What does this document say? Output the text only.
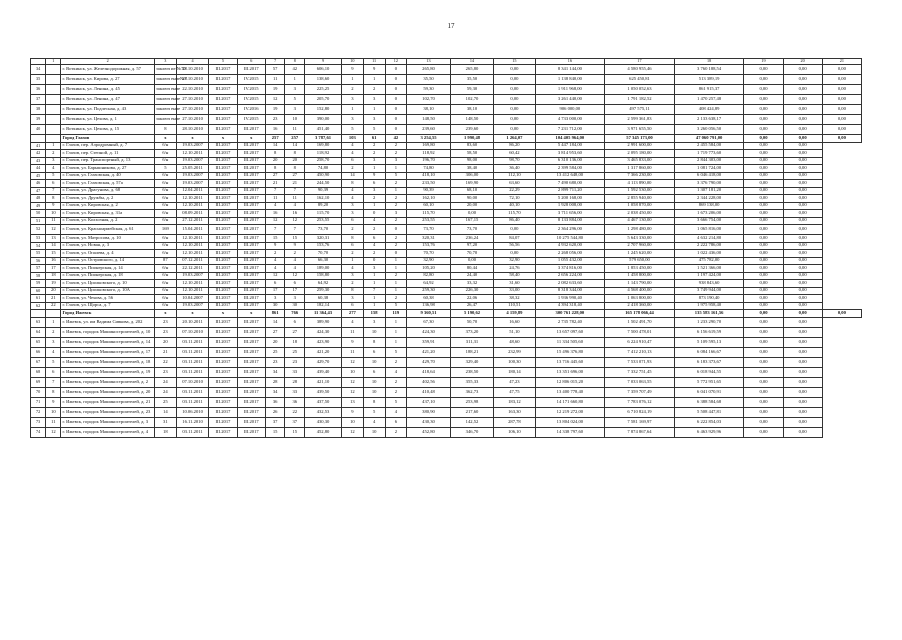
17
	1	2	3	4	5	6	7	8	9	10	11	12	13	14	15	16	17	18	19	20	21
34		г. Воткинск, ул. Железнодорожная, д. 57	заключ ие №70	28.10.2010	III.2017	III.2017	57	42	606,10	9	9	0	265,80	265,80	0,00	8 341 144,00	4 580 955,46	3 760 188,54	0,00	0,00	0,00
35		г. Воткинск, ул. Кирова, д. 27	заключ ение№8	27.10.2010	III.2017	IV.2015	11	1	138,60	1	1	0	35,50	35,50	0,00	1 138 840,00	625 450,81	513 389,19	0,00	0,00	0,00
36		г. Воткинск, ул. Ленина, д. 45	заключ ение	22.10.2010	III.2017	IV.2015	19	3	225,25	2	2	0	59,30	59,30	0,00	1 911 968,00	1 050 052,63	861 915,37	0,00	0,00	0,00
37		г. Воткинск, ул. Ленина, д. 47	заключ ение	27.10.2010	III.2017	IV.2015	12	5	205,70	3	3	0	102,70	102,70	0,00	3 261 440,00	1 791 182,52	1 470 257,48	0,00	0,00	0,00
38		г. Воткинск, ул. Подлесная, д. 43	заключ ение	27.10.2010	III.2017	IV.2016	19	3	152,80	1	1	0	38,10	38,10	0,00	906 000,00	497 575,11	408 424,89	0,00	0,00	0,00
39		г. Воткинск, ул. Цехова, д. 1	заключ ение	27.10.2010	III.2017	IV.2015	23	10	390,00	3	3	0	148,50	148,50	0,00	4 733 000,00	2 599 361,83	2 133 638,17	0,00	0,00	0,00
40		г. Воткинск, ул. Цехова, д. 15	8	28.10.2010	III.2017	III.2017	16	11	451,40	5	5	0	239,60	239,60	0,00	7 231 712,00	3 971 655,50	3 260 056,50	0,00	0,00	0,00
		Город Глазов	x	x	x	x	257	257	3 787,61	103	61	42	3 254,55	1 990,48	1 264,07	104 405 964,00	57 345 173,00	47 060 791,00	0,00	0,00	0,00
41	1	г. Глазов, пер. Аэродромный, д. 7	б/н	19.03.2007	III.2017	III.2017	14	14	169,80	4	2	2	169,80	83,60	86,20	5 447 184,00	2 991 600,00	2 455 584,00	0,00	0,00	
42	2	г. Глазов, пер. Степной, д. 11	б/н	12.10.2011	III.2017	III.2017	8	8	118,92	4	2	2	118,92	58,50	60,42	3 814 953,60	2 095 180,00	1 719 773,60	0,00	0,00	
43	3	г. Глазов, пер. Транспортный, д. 13	б/н	19.03.2007	III.2017	III.2017	20	20	258,70	6	3	3	196,70	98,00	98,70	6 310 136,00	3 465 833,00	2 844 303,00	0,00	0,00	
44	4	г. Глазов, ул. Барышникова, д. 27	5	25.05.2011	III.2017	III.2017	8	8	74,80	2	1	1	74,80	38,40	36,40	2 399 584,00	1 317 860,00	1 081 724,00	0,00	0,00	
45	5	г. Глазов, ул. Глазовская, д. 40	б/н	19.03.2007	III.2017	III.2017	27	27	450,90	14	9	5	418,10	306,00	112,10	13 412 648,00	7 366 230,00	6 046 418,00	0,00	0,00	
46	6	г. Глазов, ул. Глазовская, д. 57а	б/н	19.03.2007	III.2017	III.2017	21	21	244,50	8	6	2	233,50	169,90	63,60	7 490 680,00	4 113 890,00	3 376 790,00	0,00	0,00	
47	7	г. Глазов, ул. Драгунова, д. 68	б/н	12.04.2011	III.2017	III.2017	7	7	90,39	4	3	1	90,39	68,10	22,29	2 899 711,20	1 592 530,00	1 307 181,20	0,00	0,00	
48	8	г. Глазов, ул. Дружбы, д. 2	б/н	12.10.2011	III.2017	III.2017	11	11	162,10	4	2	2	162,10	90,00	72,10	5 200 168,00	2 855 940,00	2 344 228,00	0,00	0,00	
49	9	г. Глазов, ул. Кировская, д. 2	б/н	12.10.2011	III.2017	III.2017	4	4	89,20	3	1	2	60,10	20,00	40,10	1 928 008,00	1 058 870,00	869 138,00	0,00	0,00	
50	10	г. Глазов, ул. Кировская, д. 31а	б/н	08.09.2011	III.2017	III.2017	16	16	115,70	3	0	3	115,70	0,00	115,70	3 711 656,00	2 038 450,00	1 673 206,00	0,00	0,00	
51	11	г. Глазов, ул. Колхозная, д. 2	б/н	27.12.2011	III.2017	III.2017	12	12	253,55	6	4	2	253,55	167,15	86,40	8 133 884,00	4 467 130,00	3 666 754,00	0,00	0,00	
52	12	г. Глазов, ул. Красноармейская, д. 61	169	15.04.2011	III.2017	III.2017	7	7	73,70	2	2	0	73,70	73,70	0,00	2 364 296,00	1 298 480,00	1 065 816,00	0,00	0,00	
53	13	г. Глазов, ул. Матросова, д. 10	б/н	12.10.2011	III.2017	III.2017	15	15	320,31	8	6	2	320,31	236,24	84,07	10 275 544,80	5 643 330,00	4 632 214,80	0,00	0,00	
54	14	г. Глазов, ул. Новая, д. 3	б/н	12.10.2011	III.2017	III.2017	9	9	153,76	6	4	2	153,76	97,20	56,56	4 932 620,00	2 707 960,00	2 222 786,00	0,00	0,00	
55	15	г. Глазов, ул. Опалева, д. 4	б/н	12.10.2011	III.2017	III.2017	2	2	70,70	2	2	0	70,70	70,70	0,00	2 268 056,00	1 245 620,00	1 022 436,00	0,00	0,00	
56	16	г. Глазов, ул. Островского, д. 14	87	07.12.2011	III.2017	III.2017	4	4	66,30	1	0	1	32,90	0,00	32,90	1 055 432,00	579 650,00	475 782,00	0,00	0,00	
57	17	г. Глазов, ул. Пионерская, д. 14	б/н	22.12.2011	III.2017	III.2017	4	4	189,00	4	3	1	105,20	80,44	24,76	3 374 816,00	1 853 450,00	1 521 366,00	0,00	0,00	
58	18	г. Глазов, ул. Пионерская, д. 18	б/н	19.03.2007	III.2017	III.2017	12	12	158,80	3	1	2	82,80	24,40	58,40	2 656 224,00	1 458 800,00	1 197 424,00	0,00	0,00	
59	19	г. Глазов, ул. Циолковского, д. 10	б/н	12.10.2011	III.2017	III.2017	6	6	64,92	2	1	1	64,92	33,32	31,60	2 082 633,60	1 143 790,00	938 843,60	0,00	0,00	
60	20	г. Глазов, ул. Циолковского, д. 10А	б/н	12.10.2011	III.2017	III.2017	17	17	259,30	8	7	1	259,30	226,30	33,00	8 318 344,00	4 568 400,00	3 749 944,00	0,00	0,00	
61	21	г. Глазов, ул. Чехова, д. 56	б/н	10.04.2007	III.2017	III.2017	3	3	60,38	3	1	2	60,38	22,06	38,32	1 936 990,40	1 063 800,00	873 190,40	0,00	0,00	
62	22	г. Глазов, ул. Щорса, д. 7	б/н	19.03.2007	III.2017	III.2017	30	30	182,14	6	1	5	136,98	26,47	110,51	4 394 318,40	2 418 360,00	1 975 958,40	0,00	0,00	
		Город Ижевск	x	x	x	x	861	766	11 364,43	277	158	119	9 360,51	5 190,62	4 159,89	300 761 228,00	165 178 066,44	135 583 161,56	0,00	0,00	0,00
63	1	г. Ижевск, ул. им Вадима Сивкова, д. 202	23	20.10.2011	III.2017	III.2017	14	6	389,90	4	3	1	67,30	50,70	16,60	2 735 782,40	1 502 491,70	1 233 290,70	0,00	0,00	
64	2	г. Ижевск, городок Машиностроителей, д. 10	23	07.10.2010	III.2017	III.2017	27	27	424,30	11	10	1	424,30	373,20	51,10	13 657 097,60	7 500 478,01	6 156 619,59	0,00	0,00	
65	3	г. Ижевск, городок Машиностроителей, д. 14	20	03.11.2011	III.2017	III.2017	20	18	423,90	9	8	1	359,91	311,31	48,60	11 334 505,60	6 224 910,47	5 109 595,13	0,00	0,00	
66	4	г. Ижевск, городок Машиностроителей, д. 17	21	03.11.2011	III.2017	III.2017	25	25	421,20	11	6	5	421,20	188,21	232,99	15 496 376,80	7 412 210,13	6 084 166,67	0,00	0,00	
67	5	г. Ижевск, городок Машиностроителей, д. 18	22	03.11.2011	III.2017	III.2017	23	23	429,70	12	10	2	429,70	329,40	100,30	13 716 445,60	7 533 071,93	6 183 373,67	0,00	0,00	
68	6	г. Ижевск, городок Машиностроителей, д. 19	23	03.11.2011	III.2017	III.2017	34	33	439,40	10	6	4	418,64	238,50	180,14	13 351 696,00	7 332 751,45	6 018 944,55	0,00	0,00	
69	7	г. Ижевск, городок Машиностроителей, д. 2	24	07.10.2010	III.2017	III.2017	28	28	421,10	12	10	2	402,56	355,33	47,23	12 806 015,20	7 033 063,55	5 772 951,65	0,00	0,00	
70	8	г. Ижевск, городок Машиностроителей, д. 20	24	03.11.2011	III.2017	III.2017	34	33	439,50	12	10	2	410,48	362,73	47,75	13 400 778,40	7 359 707,49	6 041 070,91	0,00	0,00	
71	9	г. Ижевск, городок Машиностроителей, д. 21	25	03.11.2011	III.2017	III.2017	36	36	437,50	13	8	5	437,10	253,98	183,12	14 171 660,80	7 783 076,12	6 388 584,68	0,00	0,00	
72	10	г. Ижевск, городок Машиностроителей, д. 23	14	10.06.2010	III.2017	III.2017	26	22	432,53	9	5	4	380,90	217,60	163,30	12 219 272,00	6 710 824,19	5 508 447,81	0,00	0,00	
73	11	г. Ижевск, городок Машиностроителей, д. 3	31	16.11.2010	III.2017	III.2017	37	37	430,30	10	4	6	430,30	142,52	287,78	13 804 024,00	7 581 169,97	6 222 854,03	0,00	0,00	
74	12	г. Ижевск, городок Машиностроителей, д. 4	18	03.11.2011	III.2017	III.2017	15	15	452,80	12	10	2	452,80	346,70	106,10	14 338 797,60	7 874 867,64	6 463 929,96	0,00	0,00	
